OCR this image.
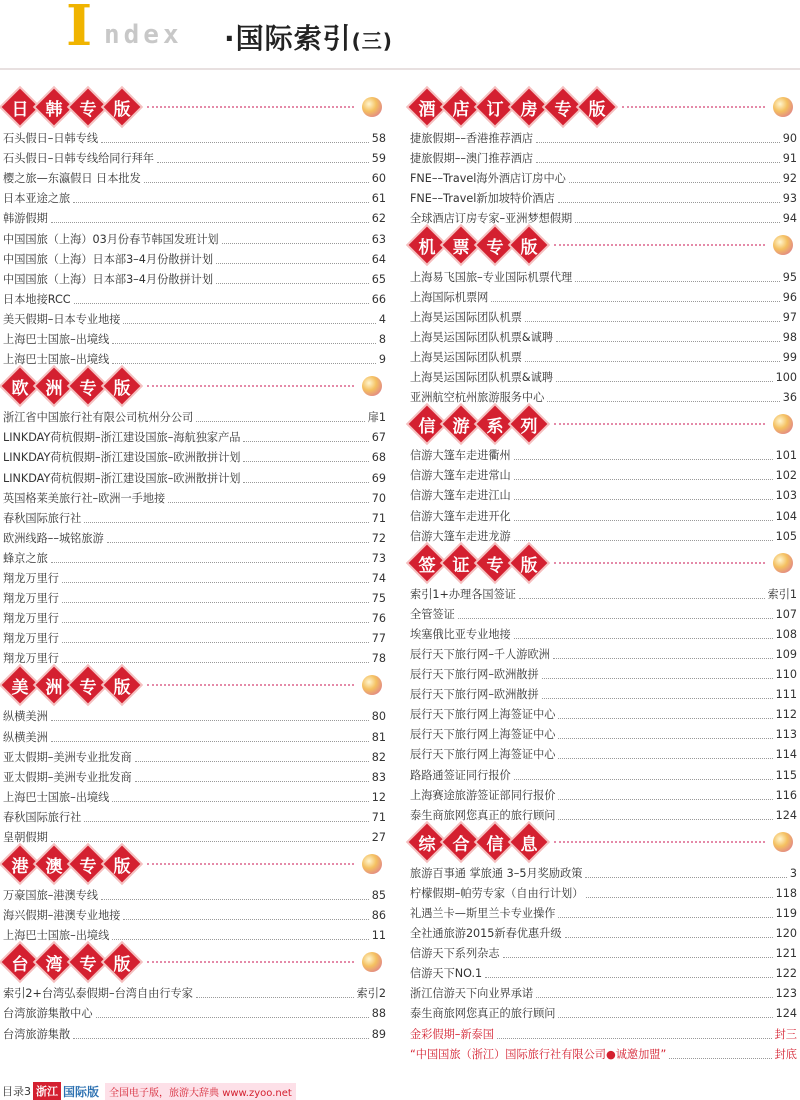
I ndex ·国际索引(三)
日 韩 专 版
石头假日–日韩专线	58
石头假日–日韩专线给同行拜年	59
樱之旅—东瀛假日 日本批发	60
日本亚途之旅	61
韩游假期	62
中国国旅（上海）03月份春节韩国发班计划	63
中国国旅（上海）日本部3–4月份散拼计划	64
中国国旅（上海）日本部3–4月份散拼计划	65
日本地接RCC	66
美天假期–日本专业地接	4
上海巴士国旅–出境线	8
上海巴士国旅–出境线	9
欧 洲 专 版
浙江省中国旅行社有限公司杭州分公司	扉1
LINKDAY荷杭假期–浙江建设国旅–海航独家产品	67
LINKDAY荷杭假期–浙江建设国旅–欧洲散拼计划	68
LINKDAY荷杭假期–浙江建设国旅–欧洲散拼计划	69
英国格莱美旅行社–欧洲一手地接	70
春秋国际旅行社	71
欧洲线路––城铭旅游	72
蜂京之旅	73
翔龙万里行	74
翔龙万里行	75
翔龙万里行	76
翔龙万里行	77
翔龙万里行	78
美 洲 专 版
纵横美洲	80
纵横美洲	81
亚太假期–美洲专业批发商	82
亚太假期–美洲专业批发商	83
上海巴士国旅–出境线	12
春秋国际旅行社	71
皇朝假期	27
港 澳 专 版
万豪国旅–港澳专线	85
海兴假期–港澳专业地接	86
上海巴士国旅–出境线	11
台 湾 专 版
索引2+台湾弘泰假期–台湾自由行专家	索引2
台湾旅游集散中心	88
台湾旅游集散	89
酒 店 订 房 专 版
捷旅假期––香港推荐酒店	90
捷旅假期––澳门推荐酒店	91
FNE––Travel海外酒店订房中心	92
FNE––Travel新加坡特价酒店	93
全球酒店订房专家–亚洲梦想假期	94
机 票 专 版
上海易飞国旅–专业国际机票代理	95
上海国际机票网	96
上海昊运国际团队机票	97
上海昊运国际团队机票&诚聘	98
上海昊运国际团队机票	99
上海昊运国际团队机票&诚聘	100
亚洲航空杭州旅游服务中心	36
信 游 系 列
信游大篷车走进衢州	101
信游大篷车走进常山	102
信游大篷车走进江山	103
信游大篷车走进开化	104
信游大篷车走进龙游	105
签 证 专 版
索引1+办理各国签证	索引1
全管签证	107
埃塞俄比亚专业地接	108
辰行天下旅行网–千人游欧洲	109
辰行天下旅行网–欧洲散拼	110
辰行天下旅行网–欧洲散拼	111
辰行天下旅行网上海签证中心	112
辰行天下旅行网上海签证中心	113
辰行天下旅行网上海签证中心	114
路路通签证同行报价	115
上海赛途旅游签证部同行报价	116
泰生商旅网您真正的旅行顾问	124
综 合 信 息
旅游百事通 掌旅通 3–5月奖励政策	3
柠檬假期–帕劳专家（自由行计划）	118
礼遇兰卡—斯里兰卡专业操作	119
全社通旅游2015新春优惠升级	120
信游天下系列杂志	121
信游天下NO.1	122
浙江信游天下向业界承诺	123
泰生商旅网您真正的旅行顾问	124
金彩假期–新泰国	封三
“中国国旅（浙江）国际旅行社有限公司●诚邀加盟”	封底
目录3 浙江 国际版	全国电子版，旅游大辞典 www.zyoo.net
